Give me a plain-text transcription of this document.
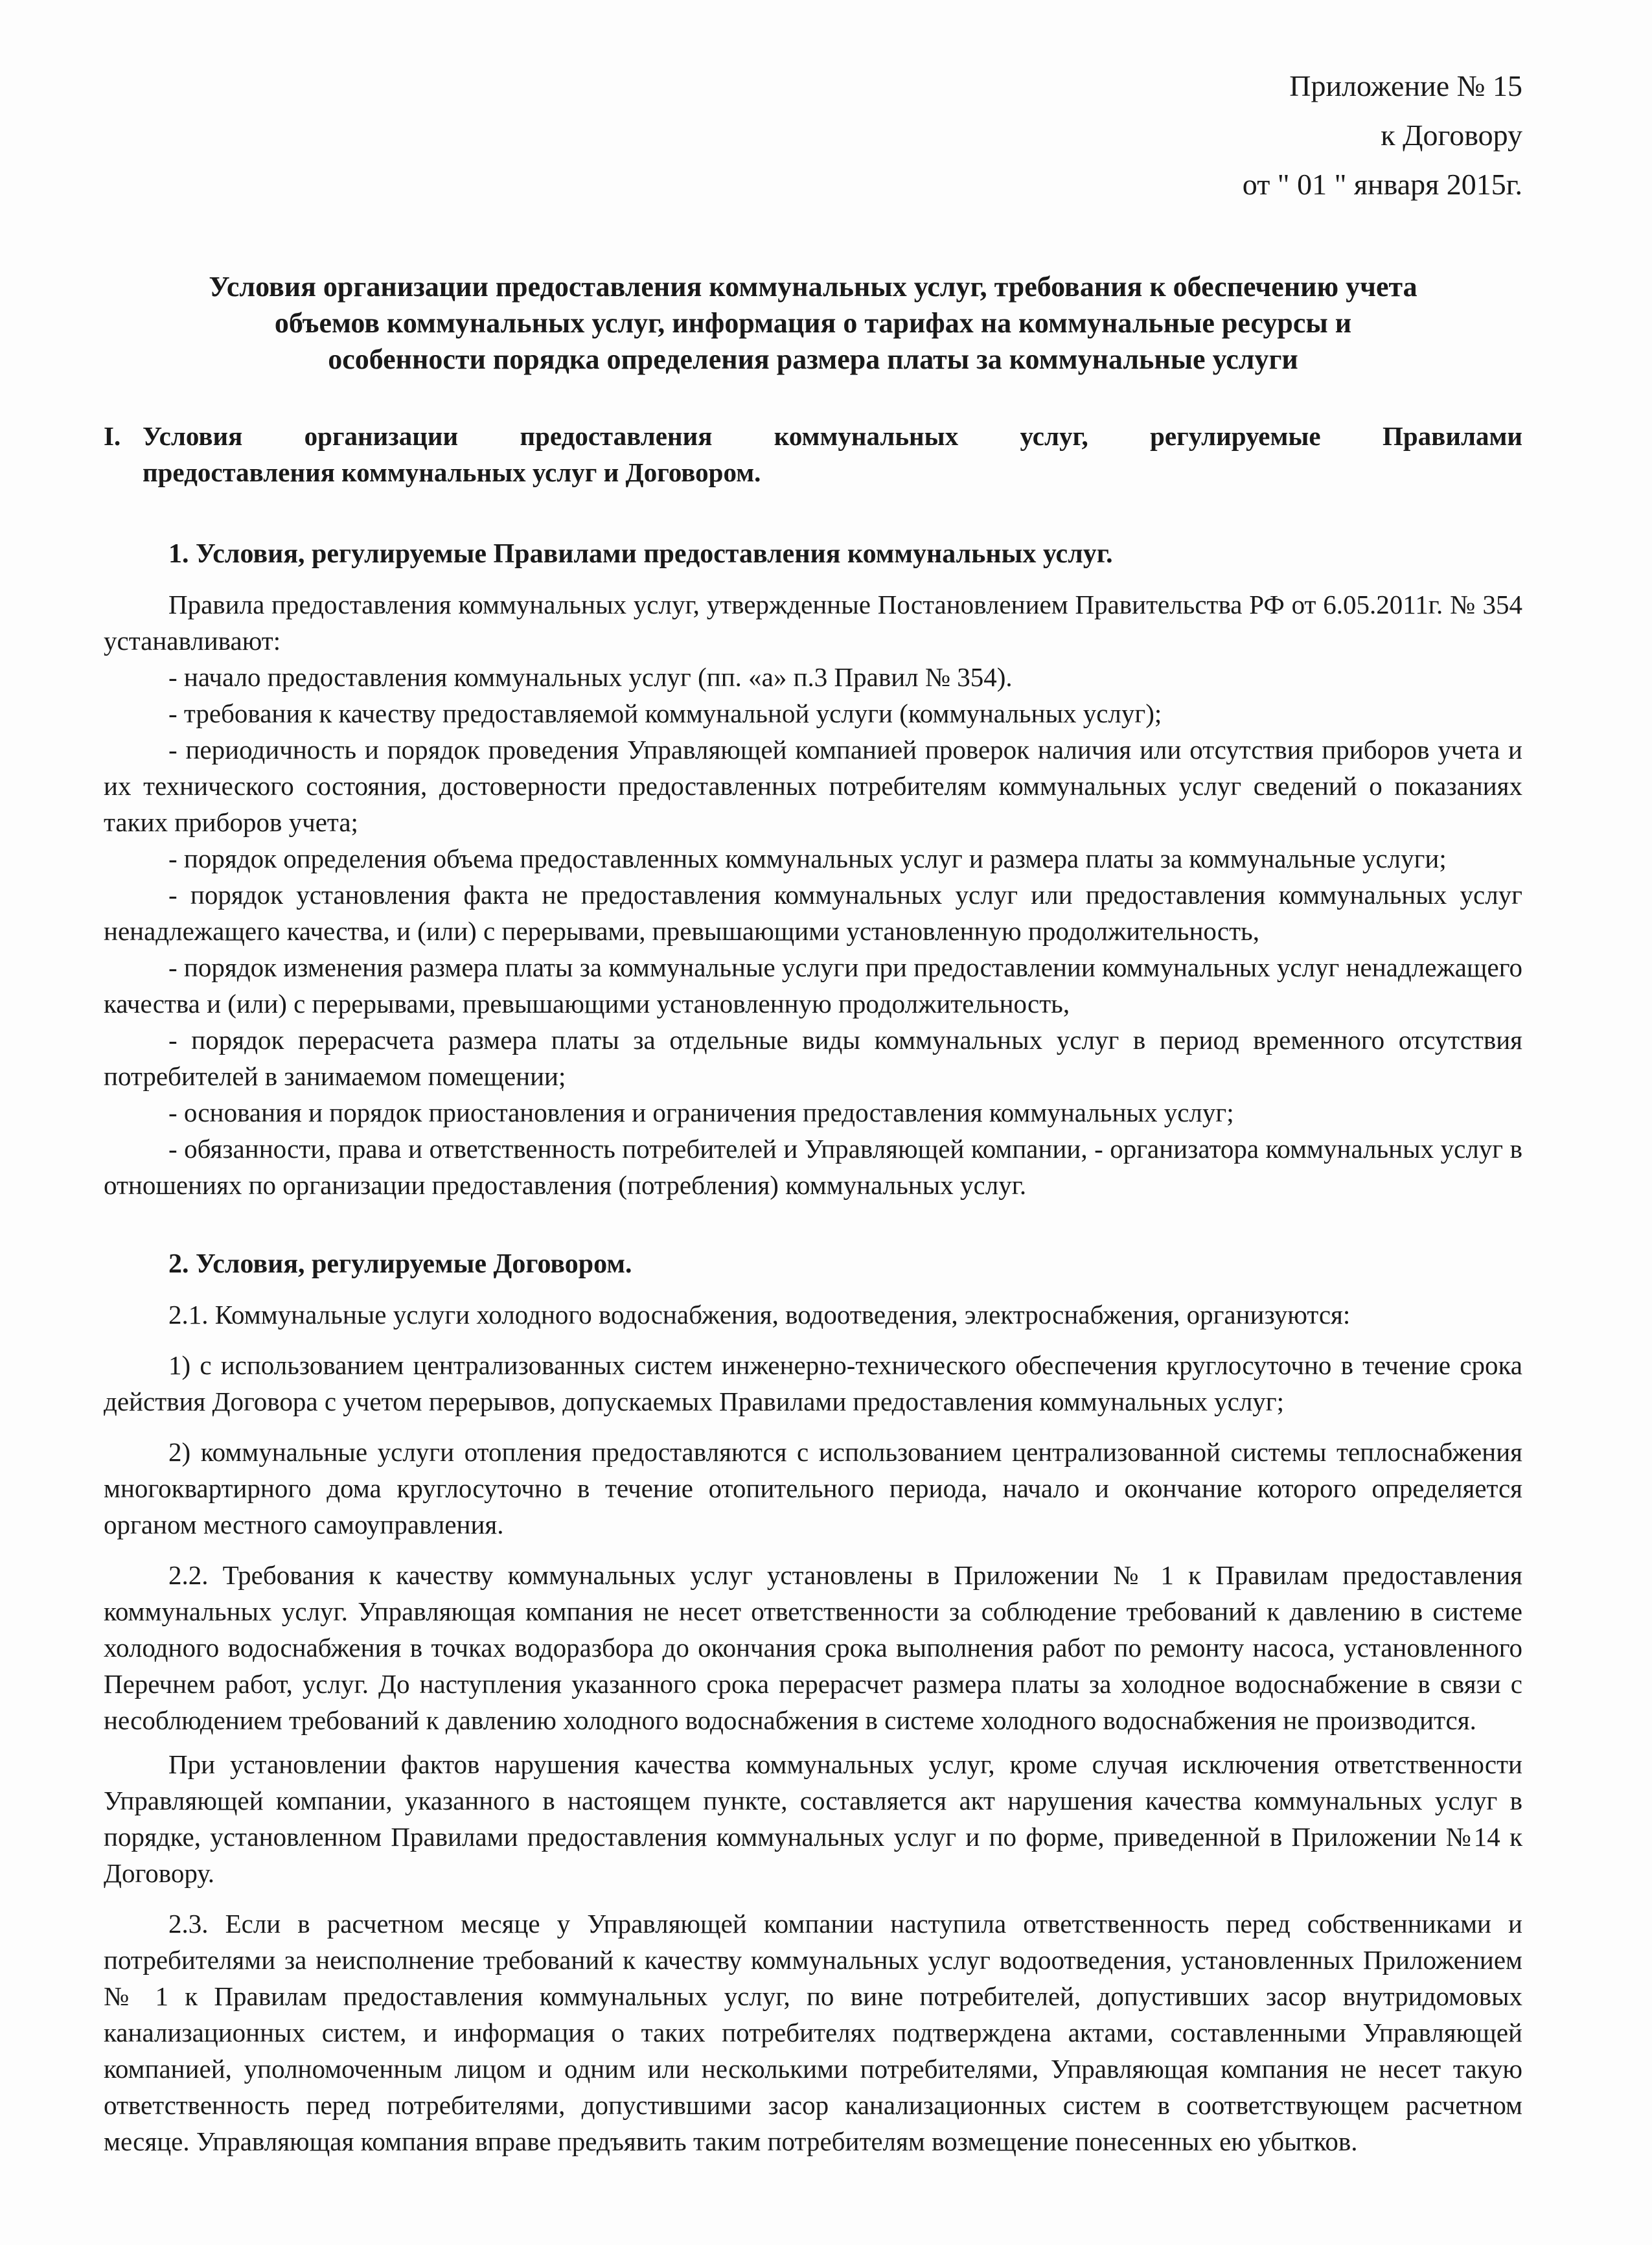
Приложение № 15
к Договору
от " 01 " января 2015г.

Условия организации предоставления коммунальных услуг, требования к обеспечению учета

объемов коммунальных услуг, информация о тарифах на коммунальные ресурсы и

особенности порядка определения размера платы за коммунальные услуги

I. Условия организации предоставления коммунальных услуг, регулируемые Правилами
предоставления коммунальных услуг и Договором.
1. Условия, регулируемые Правилами предоставления коммунальных услуг.

Правила предоставления коммунальных услуг, утвержденные Постановлением Правительства РФ от 6.05.2011г. № 354 устанавливают:

- начало предоставления коммунальных услуг (пп. «а» п.3 Правил № 354).

- требования к качеству предоставляемой коммунальной услуги (коммунальных услуг);

- периодичность и порядок проведения Управляющей компанией проверок наличия или отсутствия приборов учета и их технического состояния, достоверности предоставленных потребителям коммунальных услуг сведений о показаниях таких приборов учета;

- порядок определения объема предоставленных коммунальных услуг и размера платы за коммунальные услуги;

- порядок установления факта не предоставления коммунальных услуг или предоставления коммунальных услуг ненадлежащего качества, и (или) с перерывами, превышающими установленную продолжительность,

- порядок изменения размера платы за коммунальные услуги при предоставлении коммунальных услуг ненадлежащего качества и (или) с перерывами, превышающими установленную продолжительность,

- порядок перерасчета размера платы за отдельные виды коммунальных услуг в период временного отсутствия потребителей в занимаемом помещении;

- основания и порядок приостановления и ограничения предоставления коммунальных услуг;

- обязанности, права и ответственность потребителей и Управляющей компании, - организатора коммунальных услуг в отношениях по организации предоставления (потребления) коммунальных услуг.

2. Условия, регулируемые Договором.

2.1. Коммунальные услуги холодного водоснабжения, водоотведения, электроснабжения, организуются:

1) с использованием централизованных систем инженерно-технического обеспечения круглосуточно в течение срока действия Договора с учетом перерывов, допускаемых Правилами предоставления коммунальных услуг;

2) коммунальные услуги отопления предоставляются с использованием централизованной системы теплоснабжения многоквартирного дома круглосуточно в течение отопительного периода, начало и окончание которого определяется органом местного самоуправления.

2.2. Требования к качеству коммунальных услуг установлены в Приложении № 1 к Правилам предоставления коммунальных услуг. Управляющая компания не несет ответственности за соблюдение требований к давлению в системе холодного водоснабжения в точках водоразбора до окончания срока выполнения работ по ремонту насоса, установленного Перечнем работ, услуг. До наступления указанного срока перерасчет размера платы за холодное водоснабжение в связи с несоблюдением требований к давлению холодного водоснабжения в системе холодного водоснабжения не производится.

При установлении фактов нарушения качества коммунальных услуг, кроме случая исключения ответственности Управляющей компании, указанного в настоящем пункте, составляется акт нарушения качества коммунальных услуг в порядке, установленном Правилами предоставления коммунальных услуг и по форме, приведенной в Приложении №14 к Договору.

2.3. Если в расчетном месяце у Управляющей компании наступила ответственность перед собственниками и потребителями за неисполнение требований к качеству коммунальных услуг водоотведения, установленных Приложением № 1 к Правилам предоставления коммунальных услуг, по вине потребителей, допустивших засор внутридомовых канализационных систем, и информация о таких потребителях подтверждена актами, составленными Управляющей компанией, уполномоченным лицом и одним или несколькими потребителями, Управляющая компания не несет такую ответственность перед потребителями, допустившими засор канализационных систем в соответствующем расчетном месяце. Управляющая компания вправе предъявить таким потребителям возмещение понесенных ею убытков.
